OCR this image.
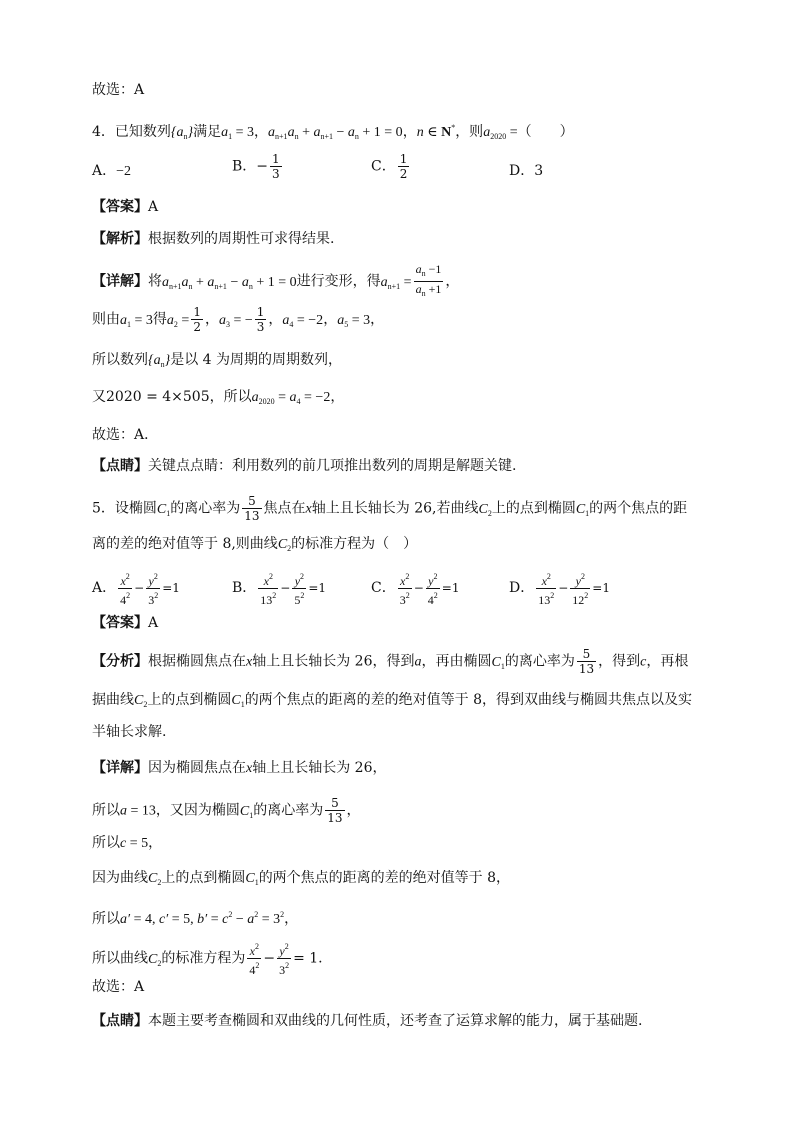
故选：A
4．已知数列$\{a_n\}$满足$a_1 = 3$，$a_{n+1}a_n + a_{n+1} - a_n + 1 = 0$，n ∈ N*，则$a_{2020}$ =（　　）
A．−2	B．− $\frac{1}{3}$	C． $\frac{1}{2}$	D．3
【答案】A
【解析】根据数列的周期性可求得结果.
【详解】将$a_{n+1}a_n + a_{n+1} - a_n + 1 = 0$进行变形，得$a_{n+1} = \frac{a_n -1}{a_n +1}$ ，
则由$a_1 = 3$得$a_2 = \frac{1}{2}$ ，$a_3$ = − $\frac{1}{3}$ ，$a_4 = -2$，$a_5 = 3$，
所以数列$\{a_n\}$是以 4 为周期的周期数列，
又2020 = 4×505，所以$a_{2020} = a_4 = -2$，
故选：A．
【点睛】关键点点睛：利用数列的前几项推出数列的周期是解题关键.
5．设椭圆$C_1$的离心率为 $\frac{5}{13}$ 焦点在x轴上且长轴长为 26,若曲线$C_2$上的点到椭圆$C_1$的两个焦点的距
离的差的绝对值等于 8,则曲线$C_2$的标准方程为（　）
A． $\frac{x^2}{4^2} - \frac{y^2}{3^2} =1$	B． $\frac{x^2}{13^2} - \frac{y^2}{5^2} =1$	C． $\frac{x^2}{3^2} - \frac{y^2}{4^2} =1$	D． $\frac{x^2}{13^2} - \frac{y^2}{12^2} =1$
【答案】A
【分析】根据椭圆焦点在x轴上且长轴长为 26，得到a，再由椭圆$C_1$的离心率为 $\frac{5}{13}$ ，得到c，再根
据曲线$C_2$上的点到椭圆$C_1$的两个焦点的距离的差的绝对值等于 8，得到双曲线与椭圆共焦点以及实
半轴长求解.
【详解】因为椭圆焦点在x轴上且长轴长为 26，
所以a = 13，又因为椭圆$C_1$的离心率为 $\frac{5}{13}$ ，
所以c = 5，
因为曲线$C_2$上的点到椭圆$C_1$的两个焦点的距离的差的绝对值等于 8，
所以a′ = 4, c′ = 5, $b' = c^2 - a^2 = 3^2$，
所以曲线$C_2$的标准方程为 $\frac{x^2}{4^2} - \frac{y^2}{3^2} = 1$.
故选：A
【点睛】本题主要考查椭圆和双曲线的几何性质，还考查了运算求解的能力，属于基础题.
